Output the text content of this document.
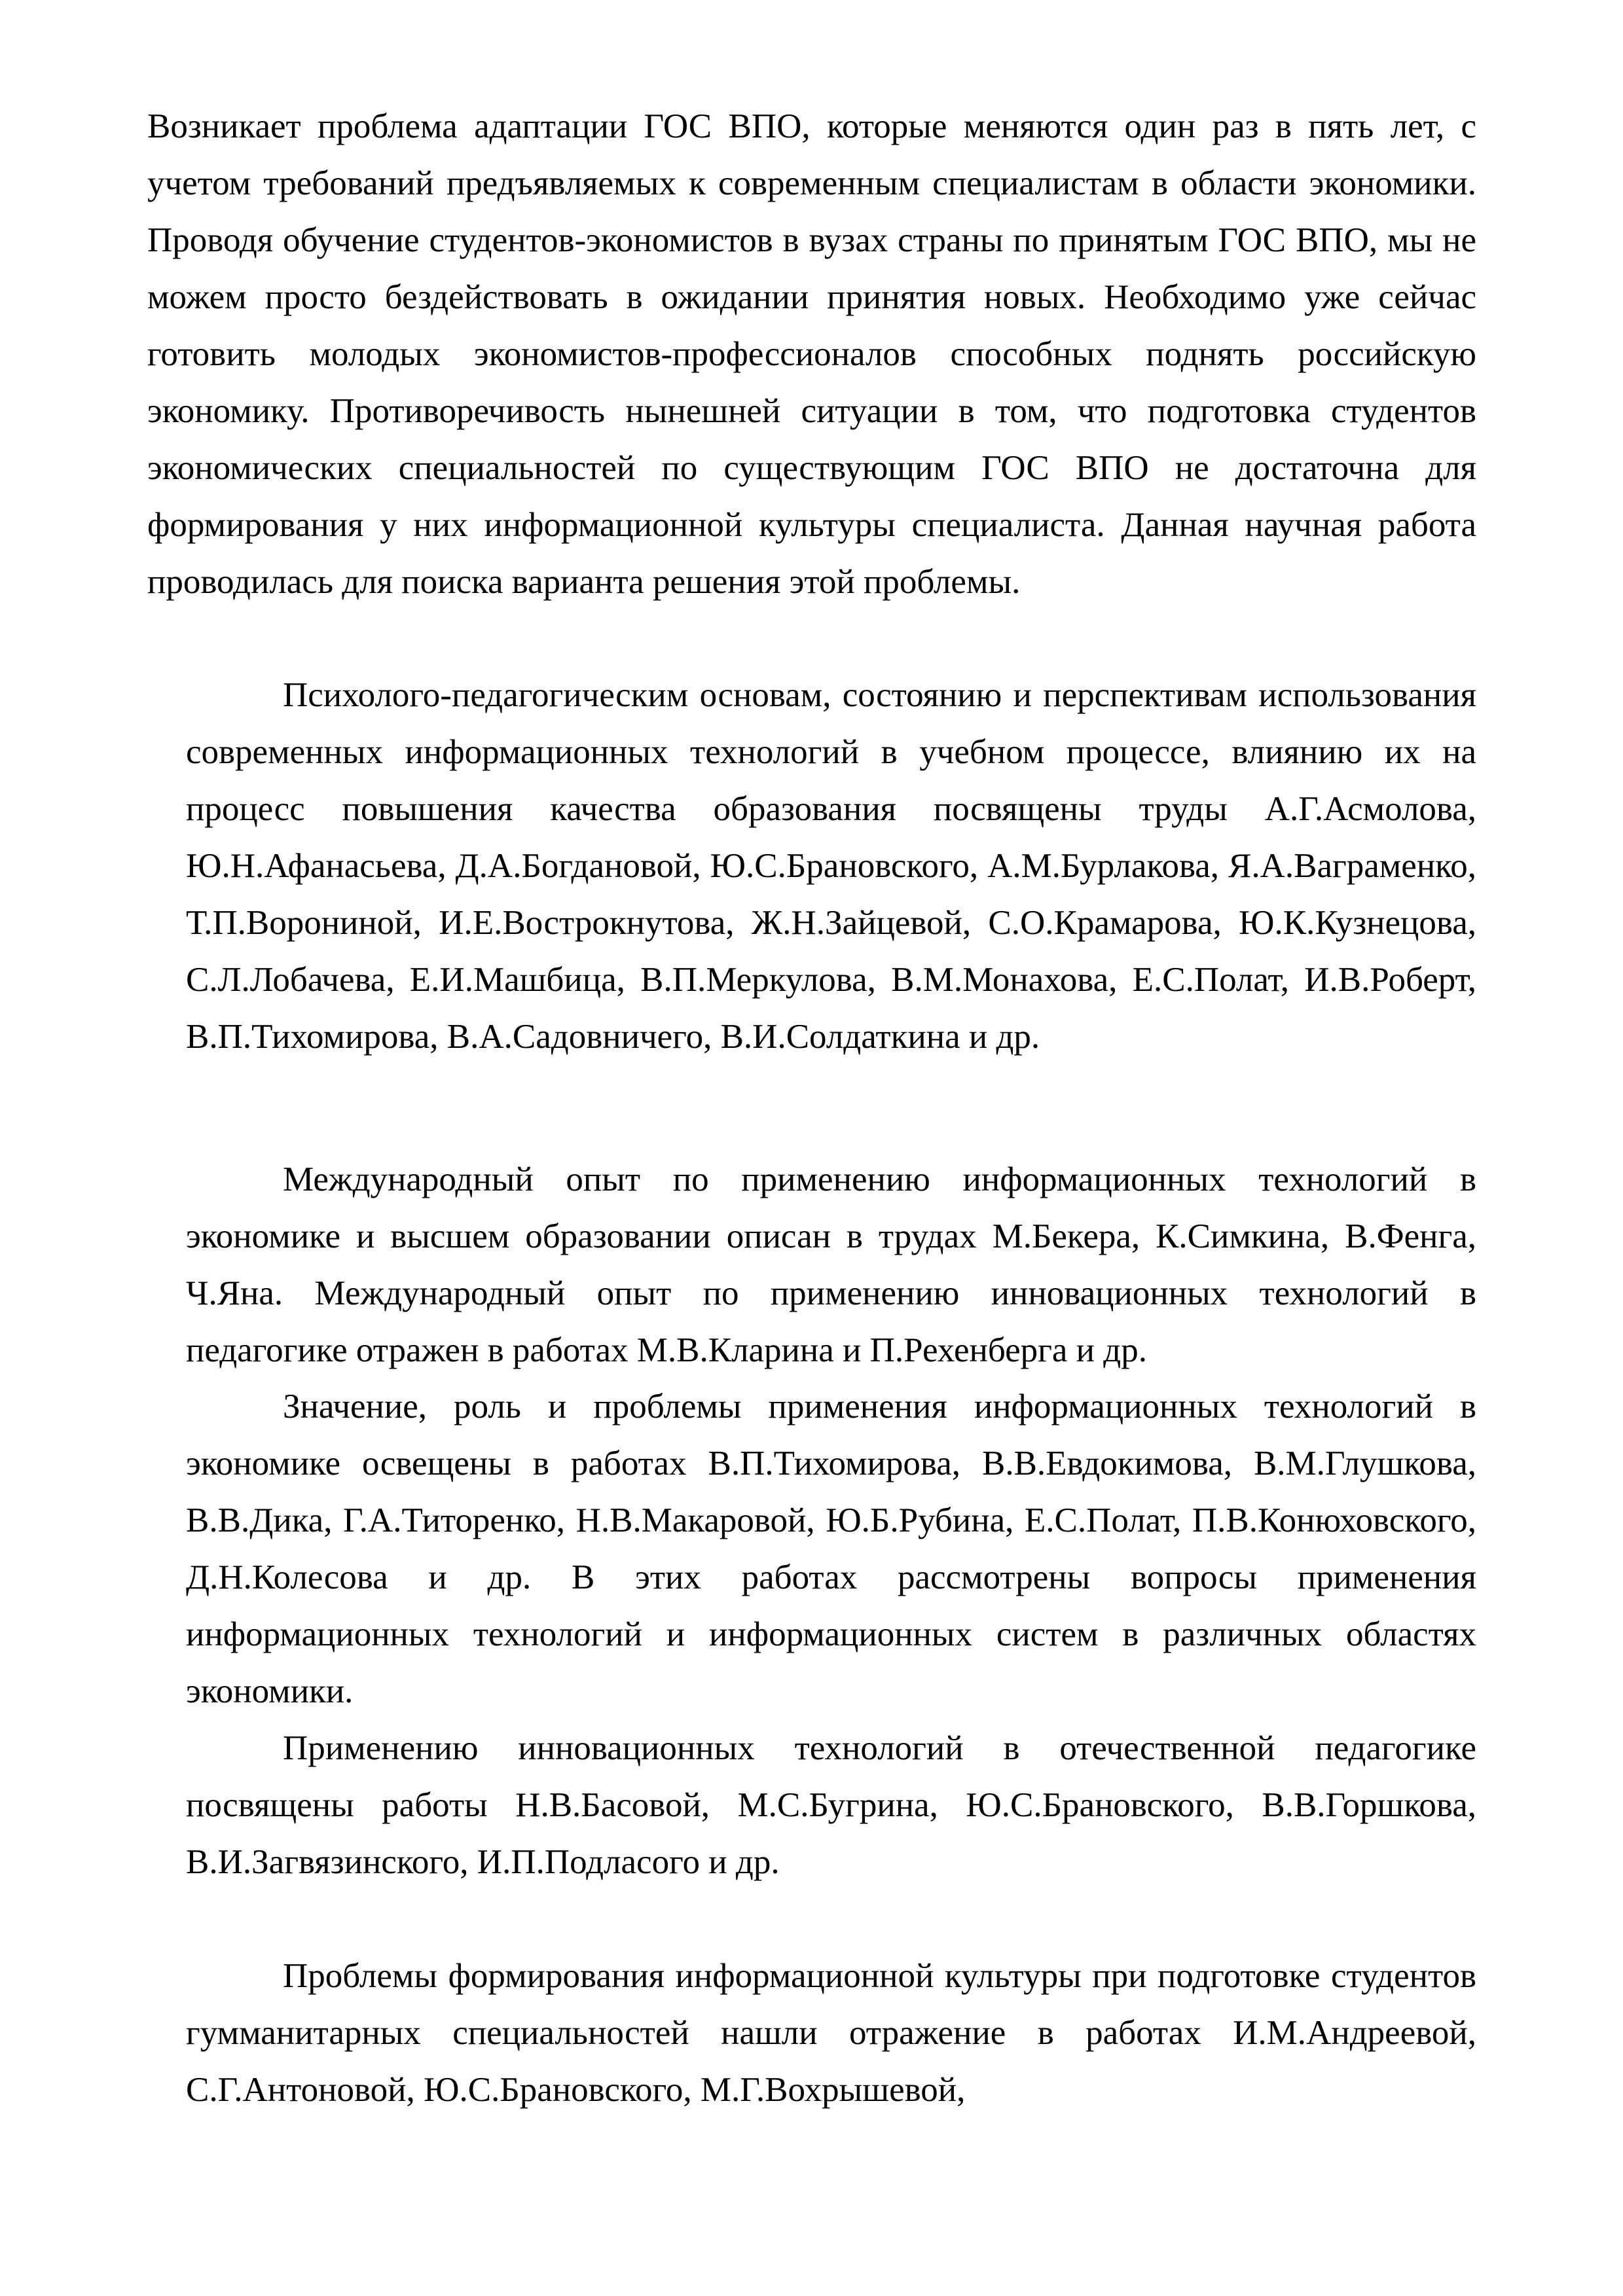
Возникает проблема адаптации ГОС ВПО, которые меняются один раз в пять лет, с учетом требований предъявляемых к современным специалистам в области экономики. Проводя обучение студентов-экономистов в вузах страны по принятым ГОС ВПО, мы не можем просто бездействовать в ожидании принятия новых. Необходимо уже сейчас готовить молодых экономистов-профессионалов способных поднять российскую экономику. Противоречивость нынешней ситуации в том, что подготовка студентов экономических специальностей по существующим ГОС ВПО не достаточна для формирования у них информационной культуры специалиста. Данная научная работа проводилась для поиска варианта решения этой проблемы.

Психолого-педагогическим основам, состоянию и перспективам использования современных информационных технологий в учебном процессе, влиянию их на процесс повышения качества образования посвящены труды А.Г.Асмолова, Ю.Н.Афанасьева, Д.А.Богдановой, Ю.С.Брановского, А.М.Бурлакова, Я.А.Ваграменко, Т.П.Ворониной, И.Е.Вострокнутова, Ж.Н.Зайцевой, С.О.Крамарова, Ю.К.Кузнецова, С.Л.Лобачева, Е.И.Машбица, В.П.Меркулова, В.М.Монахова, Е.С.Полат, И.В.Роберт, В.П.Тихомирова, В.А.Садовничего, В.И.Солдаткина и др.

Международный опыт по применению информационных технологий в экономике и высшем образовании описан в трудах М.Бекера, К.Симкина, В.Фенга, Ч.Яна. Международный опыт по применению инновационных технологий в педагогике отражен в работах М.В.Кларина и П.Рехенберга и др.

Значение, роль и проблемы применения информационных технологий в экономике освещены в работах В.П.Тихомирова, В.В.Евдокимова, В.М.Глушкова, В.В.Дика, Г.А.Титоренко, Н.В.Макаровой, Ю.Б.Рубина, Е.С.Полат, П.В.Конюховского, Д.Н.Колесова и др. В этих работах рассмотрены вопросы применения информационных технологий и информационных систем в различных областях экономики.

Применению инновационных технологий в отечественной педагогике посвящены работы Н.В.Басовой, М.С.Бугрина, Ю.С.Брановского, В.В.Горшкова, В.И.Загвязинского, И.П.Подласого и др.

Проблемы формирования информационной культуры при подготовке студентов гумманитарных специальностей нашли отражение в работах И.М.Андреевой, С.Г.Антоновой, Ю.С.Брановского, М.Г.Вохрышевой,
